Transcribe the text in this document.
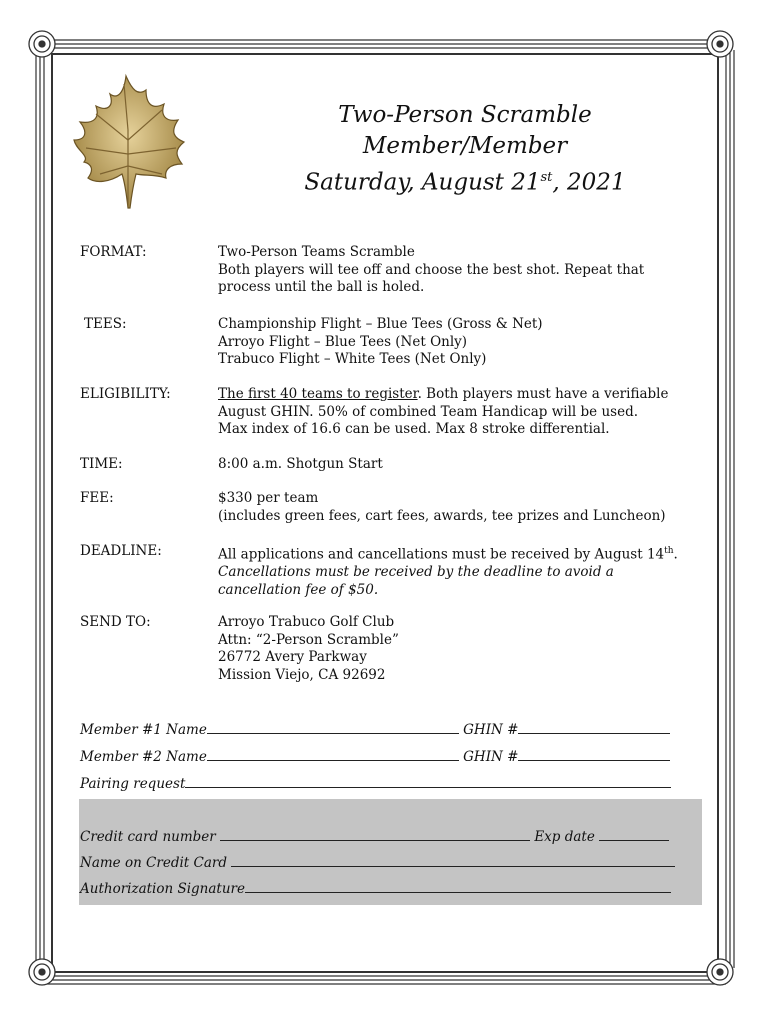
Two-Person Scramble
Member/Member
Saturday, August 21st, 2021
FORMAT:	Two-Person Teams Scramble
Both players will tee off and choose the best shot. Repeat that
process until the ball is holed.
TEES:	Championship Flight – Blue Tees (Gross & Net)
Arroyo Flight – Blue Tees (Net Only)
Trabuco Flight – White Tees (Net Only)
ELIGIBILITY:	The first 40 teams to register. Both players must have a verifiable
August GHIN. 50% of combined Team Handicap will be used.
Max index of 16.6 can be used. Max 8 stroke differential.
TIME:	8:00 a.m. Shotgun Start
FEE:	$330 per team
(includes green fees, cart fees, awards, tee prizes and Luncheon)
DEADLINE:	All applications and cancellations must be received by August 14th.
Cancellations must be received by the deadline to avoid a
cancellation fee of $50.
SEND TO:	Arroyo Trabuco Golf Club
Attn: “2-Person Scramble”
26772 Avery Parkway
Mission Viejo, CA 92692
Member #1 Name	GHIN #
Member #2 Name	GHIN #
Pairing request
Credit card number	Exp date
Name on Credit Card
Authorization Signature
